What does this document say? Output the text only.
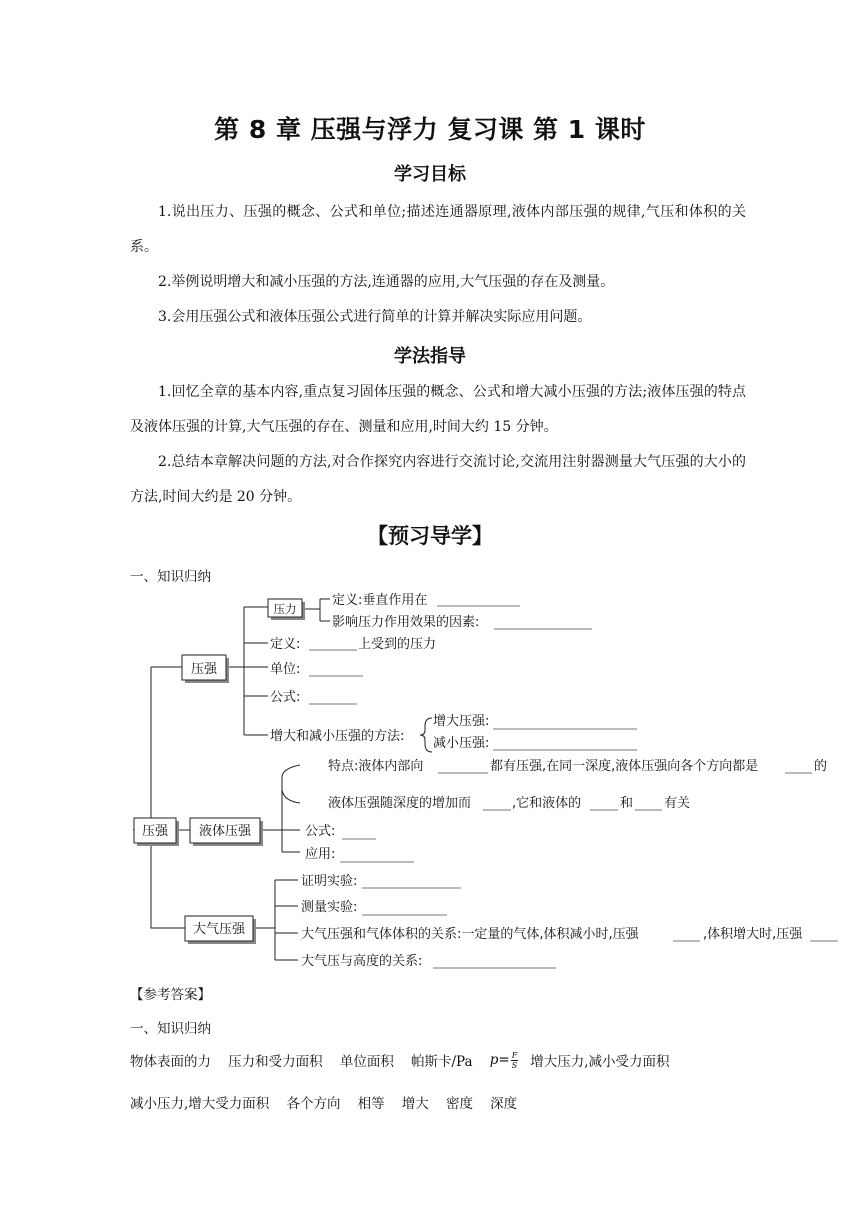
第 8 章 压强与浮力 复习课 第 1 课时
学习目标
1.说出压力、压强的概念、公式和单位;描述连通器原理,液体内部压强的规律,气压和体积的关系。
2.举例说明增大和减小压强的方法,连通器的应用,大气压强的存在及测量。
3.会用压强公式和液体压强公式进行简单的计算并解决实际应用问题。
学法指导
1.回忆全章的基本内容,重点复习固体压强的概念、公式和增大减小压强的方法;液体压强的特点及液体压强的计算,大气压强的存在、测量和应用,时间大约 15 分钟。
2.总结本章解决问题的方法,对合作探究内容进行交流讨论,交流用注射器测量大气压强的大小的方法,时间大约是 20 分钟。
【预习导学】
一、知识归纳
压强
压力
压强 液体压强
大气压强
定义:垂直作用在
影响压力作用效果的因素:
定义:	上受到的压力
单位:
公式:
增大和减小压强的方法:
增大压强:
减小压强:
特点:液体内部向	都有压强,在同一深度,液体压强向各个方向都是	的
液体压强随深度的增加而	,它和液体的	和 有关
公式:
应用:
证明实验:
测量实验:
大气压强和气体体积的关系:一定量的气体,体积减小时,压强	,体积增大时,压强
大气压与高度的关系:
【参考答案】
一、知识归纳
物体表面的力    压力和受力面积    单位面积    帕斯卡/Pa $p= \frac{F}{S}$ 增大压力,减小受力面积
减小压力,增大受力面积    各个方向    相等    增大    密度    深度
